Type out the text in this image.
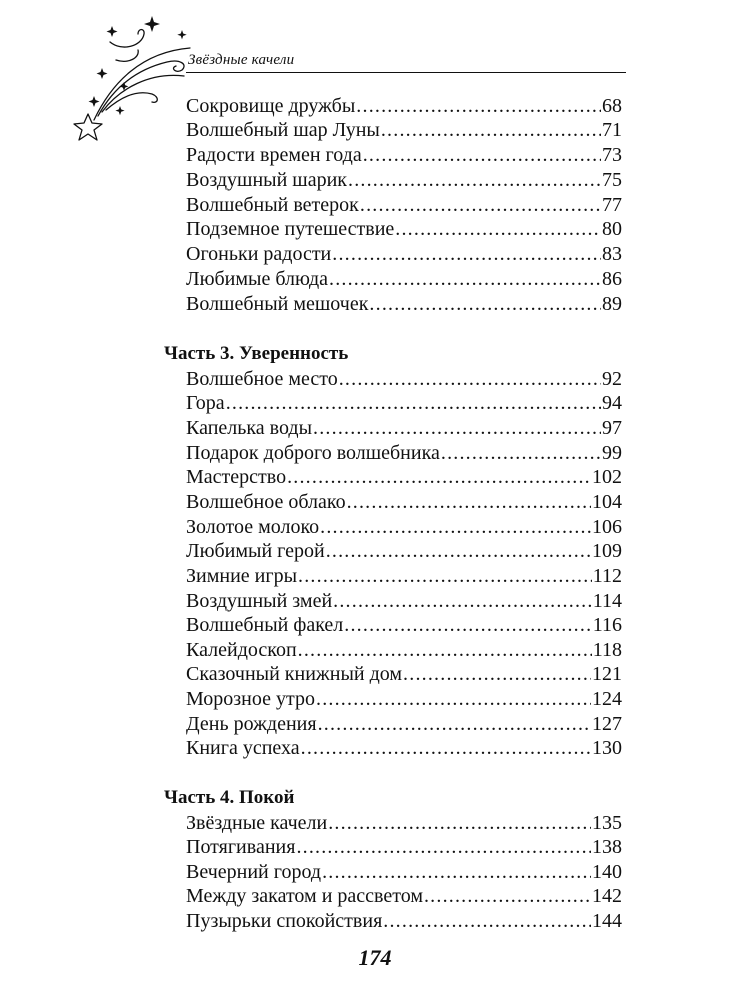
Звёздные качели
Сокровище дружбы .....	68
Волшебный шар Луны .....	71
Радости времен года .....	73
Воздушный шарик .....	75
Волшебный ветерок .....	77
Подземное путешествие .....	80
Огоньки радости .....	83
Любимые блюда .....	86
Волшебный мешочек .....	89
Часть 3. Уверенность
Волшебное место .....	92
Гора .....	94
Капелька воды .....	97
Подарок доброго волшебника .....	99
Мастерство .....	102
Волшебное облако .....	104
Золотое молоко .....	106
Любимый герой .....	109
Зимние игры .....	112
Воздушный змей .....	114
Волшебный факел .....	116
Калейдоскоп .....	118
Сказочный книжный дом .....	121
Морозное утро .....	124
День рождения .....	127
Книга успеха .....	130
Часть 4. Покой
Звёздные качели .....	135
Потягивания .....	138
Вечерний город .....	140
Между закатом и рассветом .....	142
Пузырьки спокойствия .....	144
174
